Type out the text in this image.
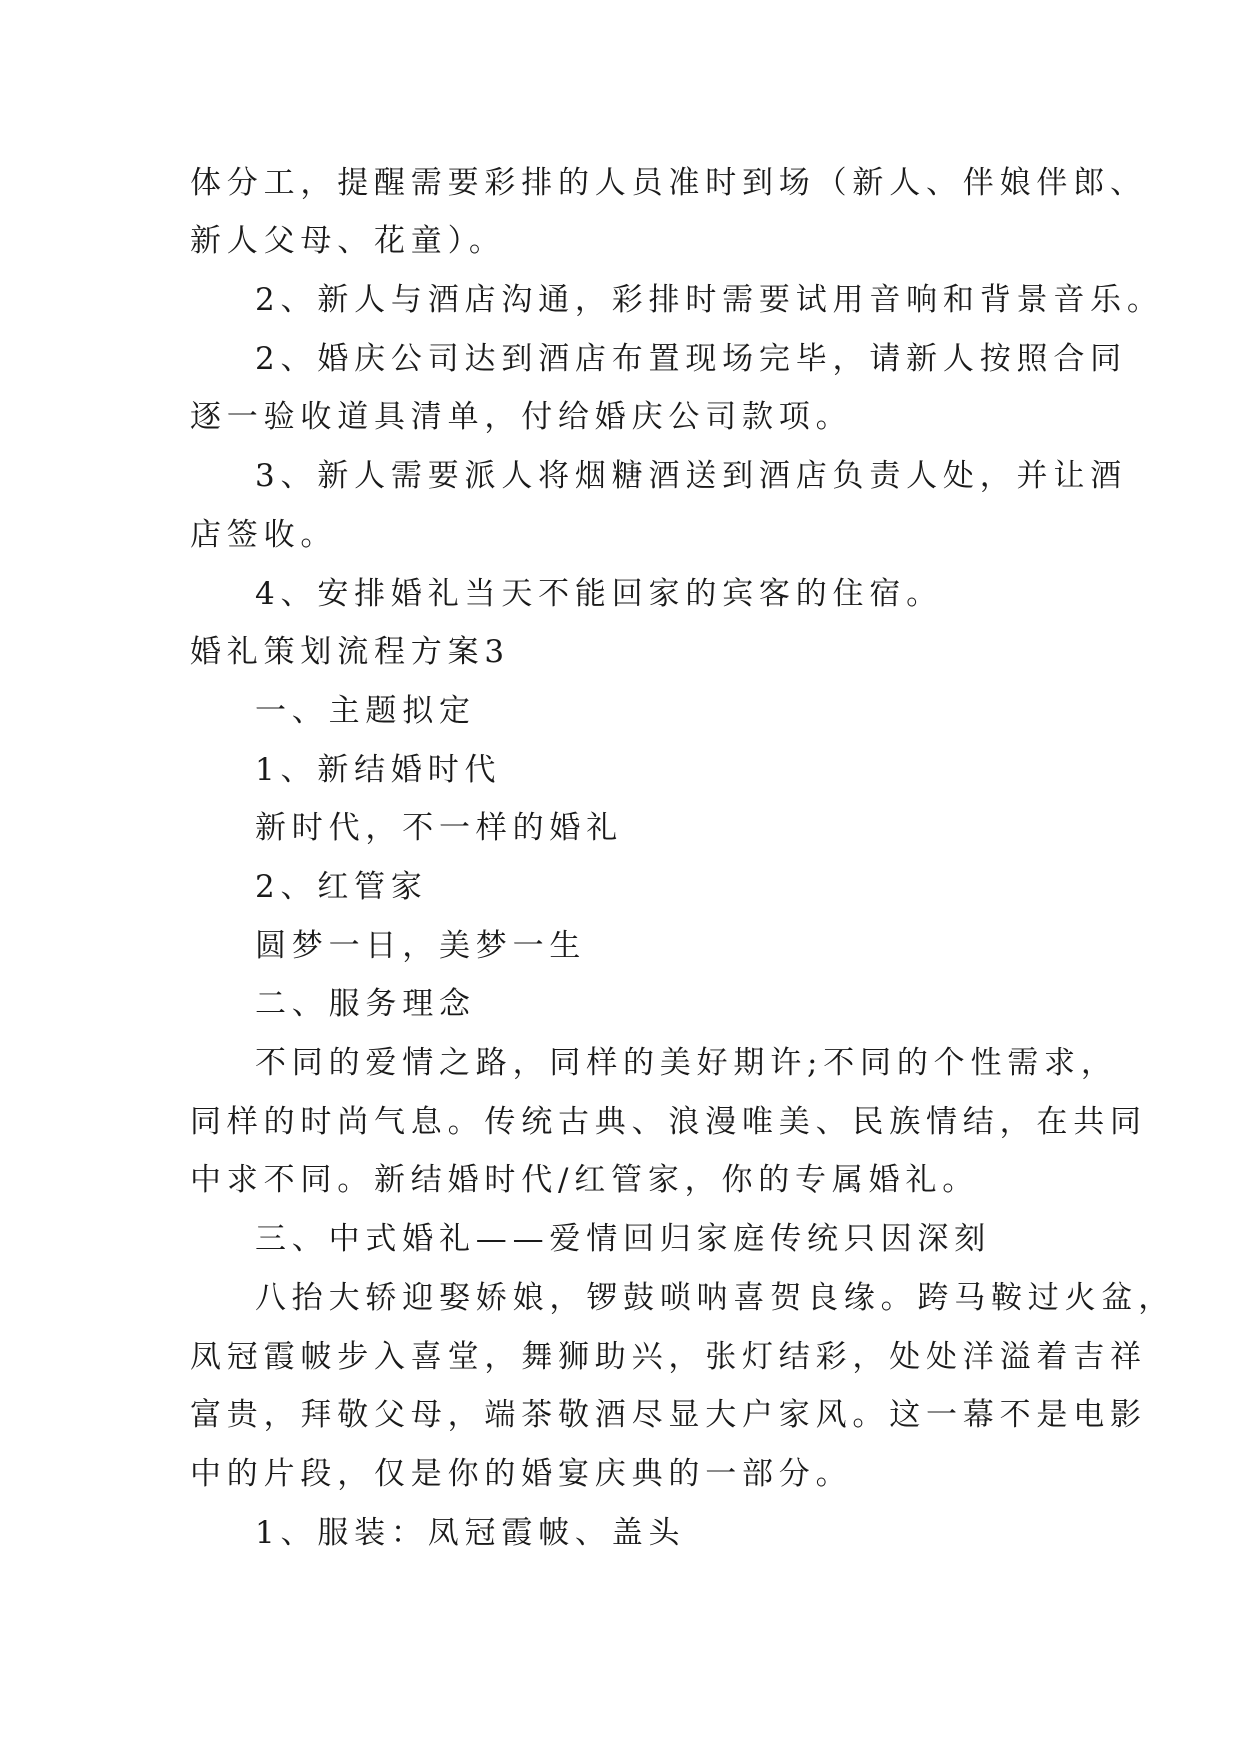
体分工，提醒需要彩排的人员准时到场（新人、伴娘伴郎、
新人父母、花童）。
2、新人与酒店沟通，彩排时需要试用音响和背景音乐。
2、婚庆公司达到酒店布置现场完毕，请新人按照合同
逐一验收道具清单，付给婚庆公司款项。
3、新人需要派人将烟糖酒送到酒店负责人处，并让酒
店签收。
4、安排婚礼当天不能回家的宾客的住宿。
婚礼策划流程方案3
一、主题拟定
1、新结婚时代
新时代，不一样的婚礼
2、红管家
圆梦一日，美梦一生
二、服务理念
不同的爱情之路，同样的美好期许;不同的个性需求，
同样的时尚气息。传统古典、浪漫唯美、民族情结，在共同
中求不同。新结婚时代/红管家，你的专属婚礼。
三、中式婚礼——爱情回归家庭传统只因深刻
八抬大轿迎娶娇娘，锣鼓唢呐喜贺良缘。跨马鞍过火盆，
凤冠霞帔步入喜堂，舞狮助兴，张灯结彩，处处洋溢着吉祥
富贵，拜敬父母，端茶敬酒尽显大户家风。这一幕不是电影
中的片段，仅是你的婚宴庆典的一部分。
1、服装：凤冠霞帔、盖头
